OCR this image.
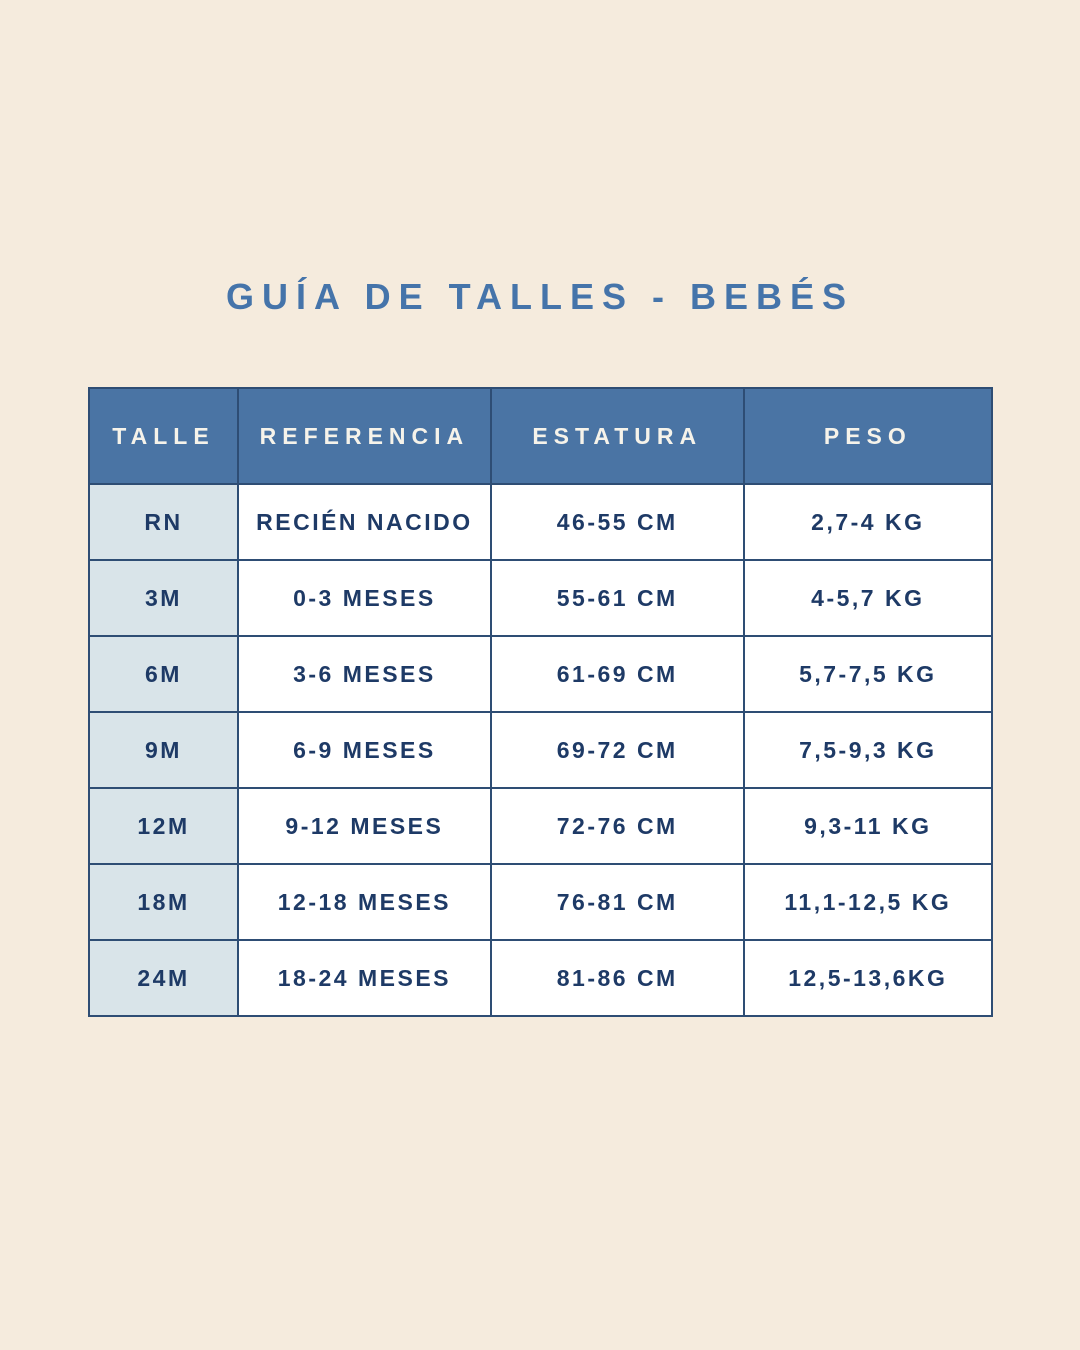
GUÍA DE TALLES - BEBÉS
TALLE	REFERENCIA	ESTATURA	PESO
RN	RECIÉN NACIDO	46-55 CM	2,7-4 KG
3M	0-3 MESES	55-61 CM	4-5,7 KG
6M	3-6 MESES	61-69 CM	5,7-7,5 KG
9M	6-9 MESES	69-72 CM	7,5-9,3 KG
12M	9-12 MESES	72-76 CM	9,3-11 KG
18M	12-18 MESES	76-81 CM	11,1-12,5 KG
24M	18-24 MESES	81-86 CM	12,5-13,6KG
